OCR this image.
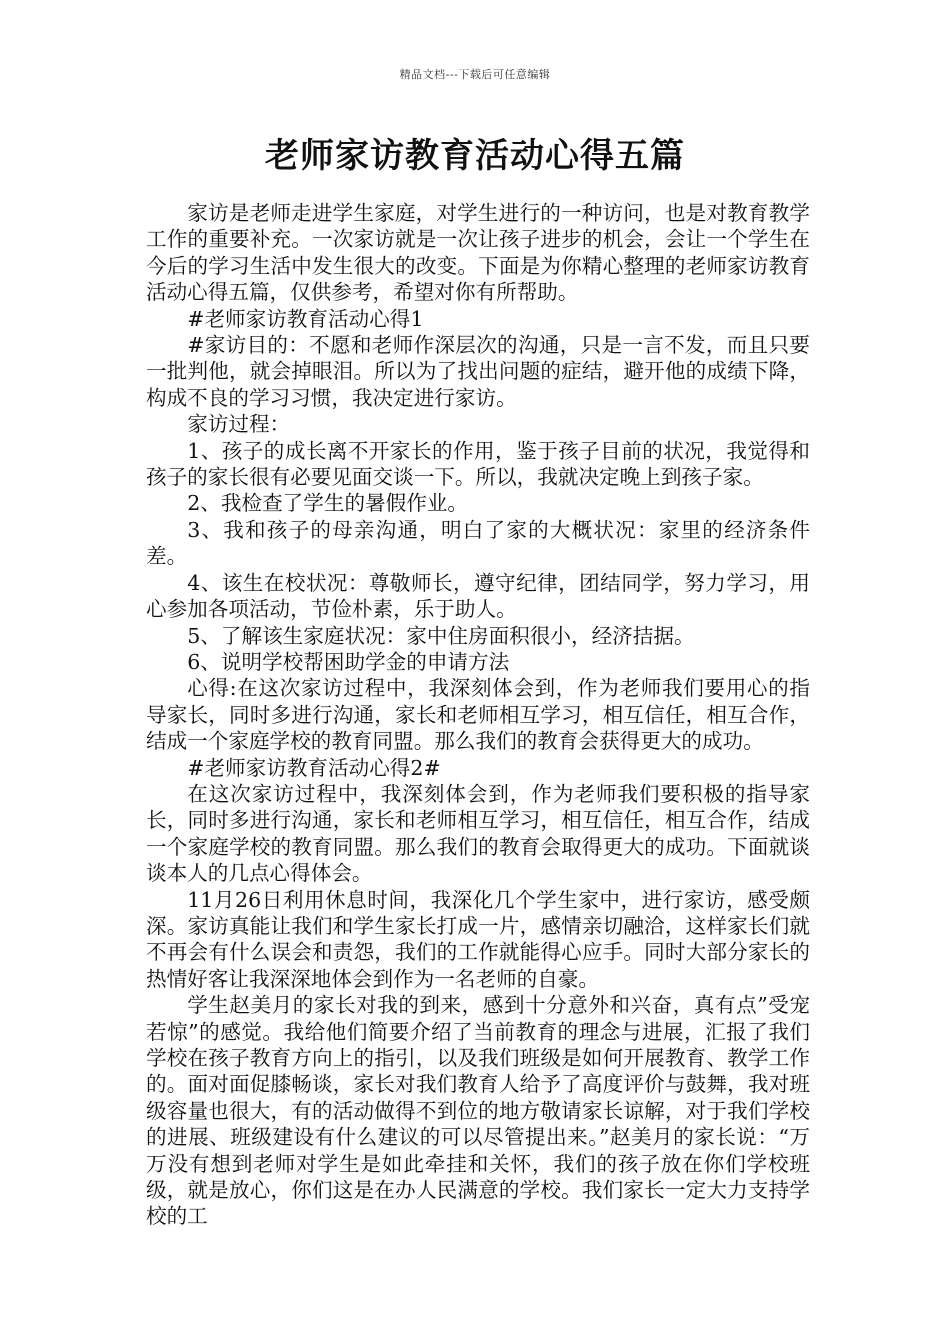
精品文档---下载后可任意编辑
老师家访教育活动心得五篇

家访是老师走进学生家庭，对学生进行的一种访问，也是对教育教学工作的重要补充。一次家访就是一次让孩子进步的机会，会让一个学生在今后的学习生活中发生很大的改变。下面是为你精心整理的老师家访教育活动心得五篇，仅供参考，希望对你有所帮助。

#老师家访教育活动心得1

#家访目的：不愿和老师作深层次的沟通，只是一言不发，而且只要一批判他，就会掉眼泪。所以为了找出问题的症结，避开他的成绩下降，构成不良的学习习惯，我决定进行家访。

家访过程：

1、孩子的成长离不开家长的作用，鉴于孩子目前的状况，我觉得和孩子的家长很有必要见面交谈一下。所以，我就决定晚上到孩子家。

2、我检查了学生的暑假作业。

3、我和孩子的母亲沟通，明白了家的大概状况：家里的经济条件差。

4、该生在校状况：尊敬师长，遵守纪律，团结同学，努力学习，用心参加各项活动，节俭朴素，乐于助人。

5、了解该生家庭状况：家中住房面积很小，经济拮据。

6、说明学校帮困助学金的申请方法

心得:在这次家访过程中，我深刻体会到，作为老师我们要用心的指导家长，同时多进行沟通，家长和老师相互学习，相互信任，相互合作，结成一个家庭学校的教育同盟。那么我们的教育会获得更大的成功。

#老师家访教育活动心得2#

在这次家访过程中，我深刻体会到，作为老师我们要积极的指导家长，同时多进行沟通，家长和老师相互学习，相互信任，相互合作，结成一个家庭学校的教育同盟。那么我们的教育会取得更大的成功。下面就谈谈本人的几点心得体会。

11月26日利用休息时间，我深化几个学生家中，进行家访，感受颇深。家访真能让我们和学生家长打成一片，感情亲切融洽，这样家长们就不再会有什么误会和责怨，我们的工作就能得心应手。同时大部分家长的热情好客让我深深地体会到作为一名老师的自豪。

学生赵美月的家长对我的到来，感到十分意外和兴奋，真有点”受宠若惊”的感觉。我给他们简要介绍了当前教育的理念与进展，汇报了我们学校在孩子教育方向上的指引，以及我们班级是如何开展教育、教学工作的。面对面促膝畅谈，家长对我们教育人给予了高度评价与鼓舞，我对班级容量也很大，有的活动做得不到位的地方敬请家长谅解，对于我们学校的进展、班级建设有什么建议的可以尽管提出来。”赵美月的家长说：“万万没有想到老师对学生是如此牵挂和关怀，我们的孩子放在你们学校班级，就是放心，你们这是在办人民满意的学校。我们家长一定大力支持学校的工
